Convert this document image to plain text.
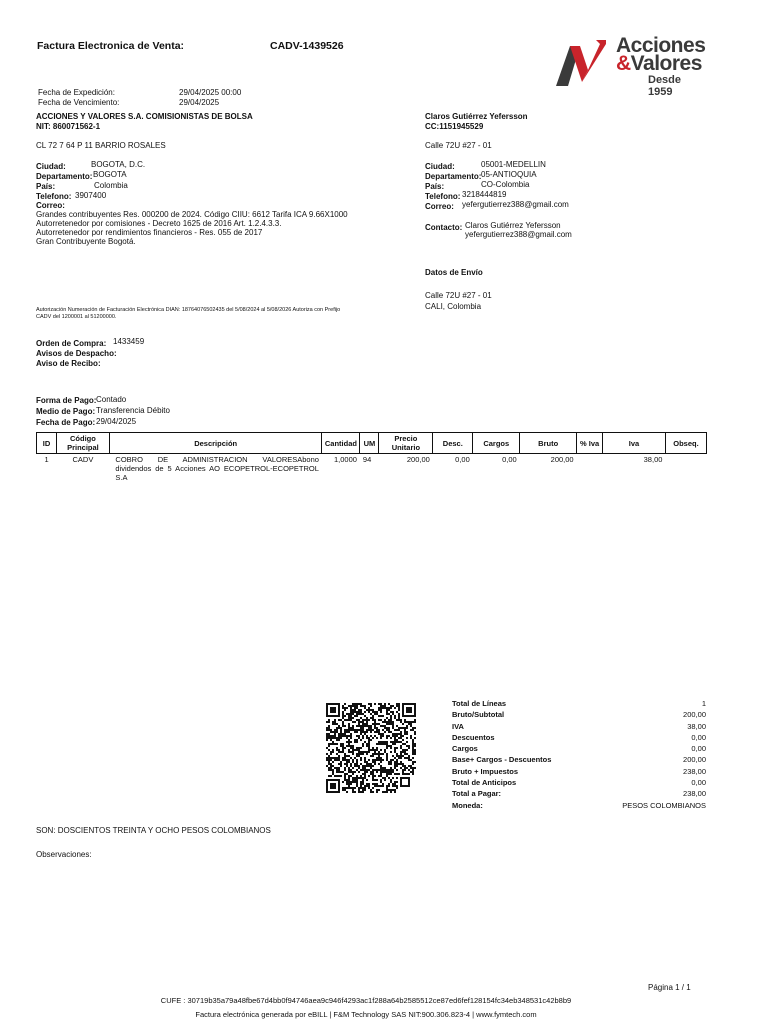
Factura Electronica de Venta:	CADV-1439526	Acciones
&Valores
Desde 1959
Fecha de Expedición:	29/04/2025 00:00
Fecha de Vencimiento:	29/04/2025
ACCIONES Y VALORES S.A. COMISIONISTAS DE BOLSA
NIT: 860071562-1
CL 72 7 64 P 11 BARRIO ROSALES
Ciudad:	BOGOTA, D.C.
Departamento: BOGOTA
País:	Colombia
Telefono: 3907400
Correo:
Grandes contribuyentes Res. 000200 de 2024. Código CIIU: 6612 Tarifa ICA 9.66X1000
Autorretenedor por comisiones - Decreto 1625 de 2016 Art. 1.2.4.3.3.
Autorretenedor por rendimientos financieros - Res. 055 de 2017
Gran Contribuyente Bogotá.
Autorización Numeración de Facturación Electrónica DIAN: 18764076502435 del 5/08/2024 al 5/08/2026 Autoriza con Prefijo
CADV del 1200001 al 51200000.
Claros Gutiérrez Yefersson
CC:1151945529
Calle 72U #27 - 01
Ciudad:	05001-MEDELLIN
Departamento: 05-ANTIOQUIA
País:	CO-Colombia
Telefono: 3218444819
Correo: yefergutierrez388@gmail.com
Contacto: Claros Gutiérrez Yefersson
yefergutierrez388@gmail.com
Datos de Envío
Calle 72U #27 - 01
CALI, Colombia
Orden de Compra: 1433459
Avisos de Despacho:
Aviso de Recibo:
Forma de Pago: Contado
Medio de Pago: Transferencia Débito
Fecha de Pago: 29/04/2025
ID	Código Principal	Descripción	Cantidad	UM	Precio Unitario	Desc.	Cargos	Bruto	% Iva	Iva	Obseq.
1	CADV	COBRO DE ADMINISTRACION VALORESAbono
dividendos de 5 Acciones AO ECOPETROL-ECOPETROL
S.A	1,0000	94	200,00	0,00	0,00	200,00		38,00	
Total de Líneas	1
Bruto/Subtotal	200,00
IVA	38,00
Descuentos	0,00
Cargos	0,00
Base+ Cargos - Descuentos	200,00
Bruto + Impuestos	238,00
Total de Anticipos	0,00
Total a Pagar:	238,00
Moneda:	PESOS COLOMBIANOS
SON: DOSCIENTOS TREINTA Y OCHO PESOS COLOMBIANOS
Observaciones:
Página 1 / 1
CUFE : 30719b35a79a48fbe67d4bb0f94746aea9c946f4293ac1f288a64b2585512ce87ed6fef128154fc34eb348531c42b8b9
Factura electrónica generada por eBILL | F&M Technology SAS NIT:900.306.823-4 | www.fymtech.com
